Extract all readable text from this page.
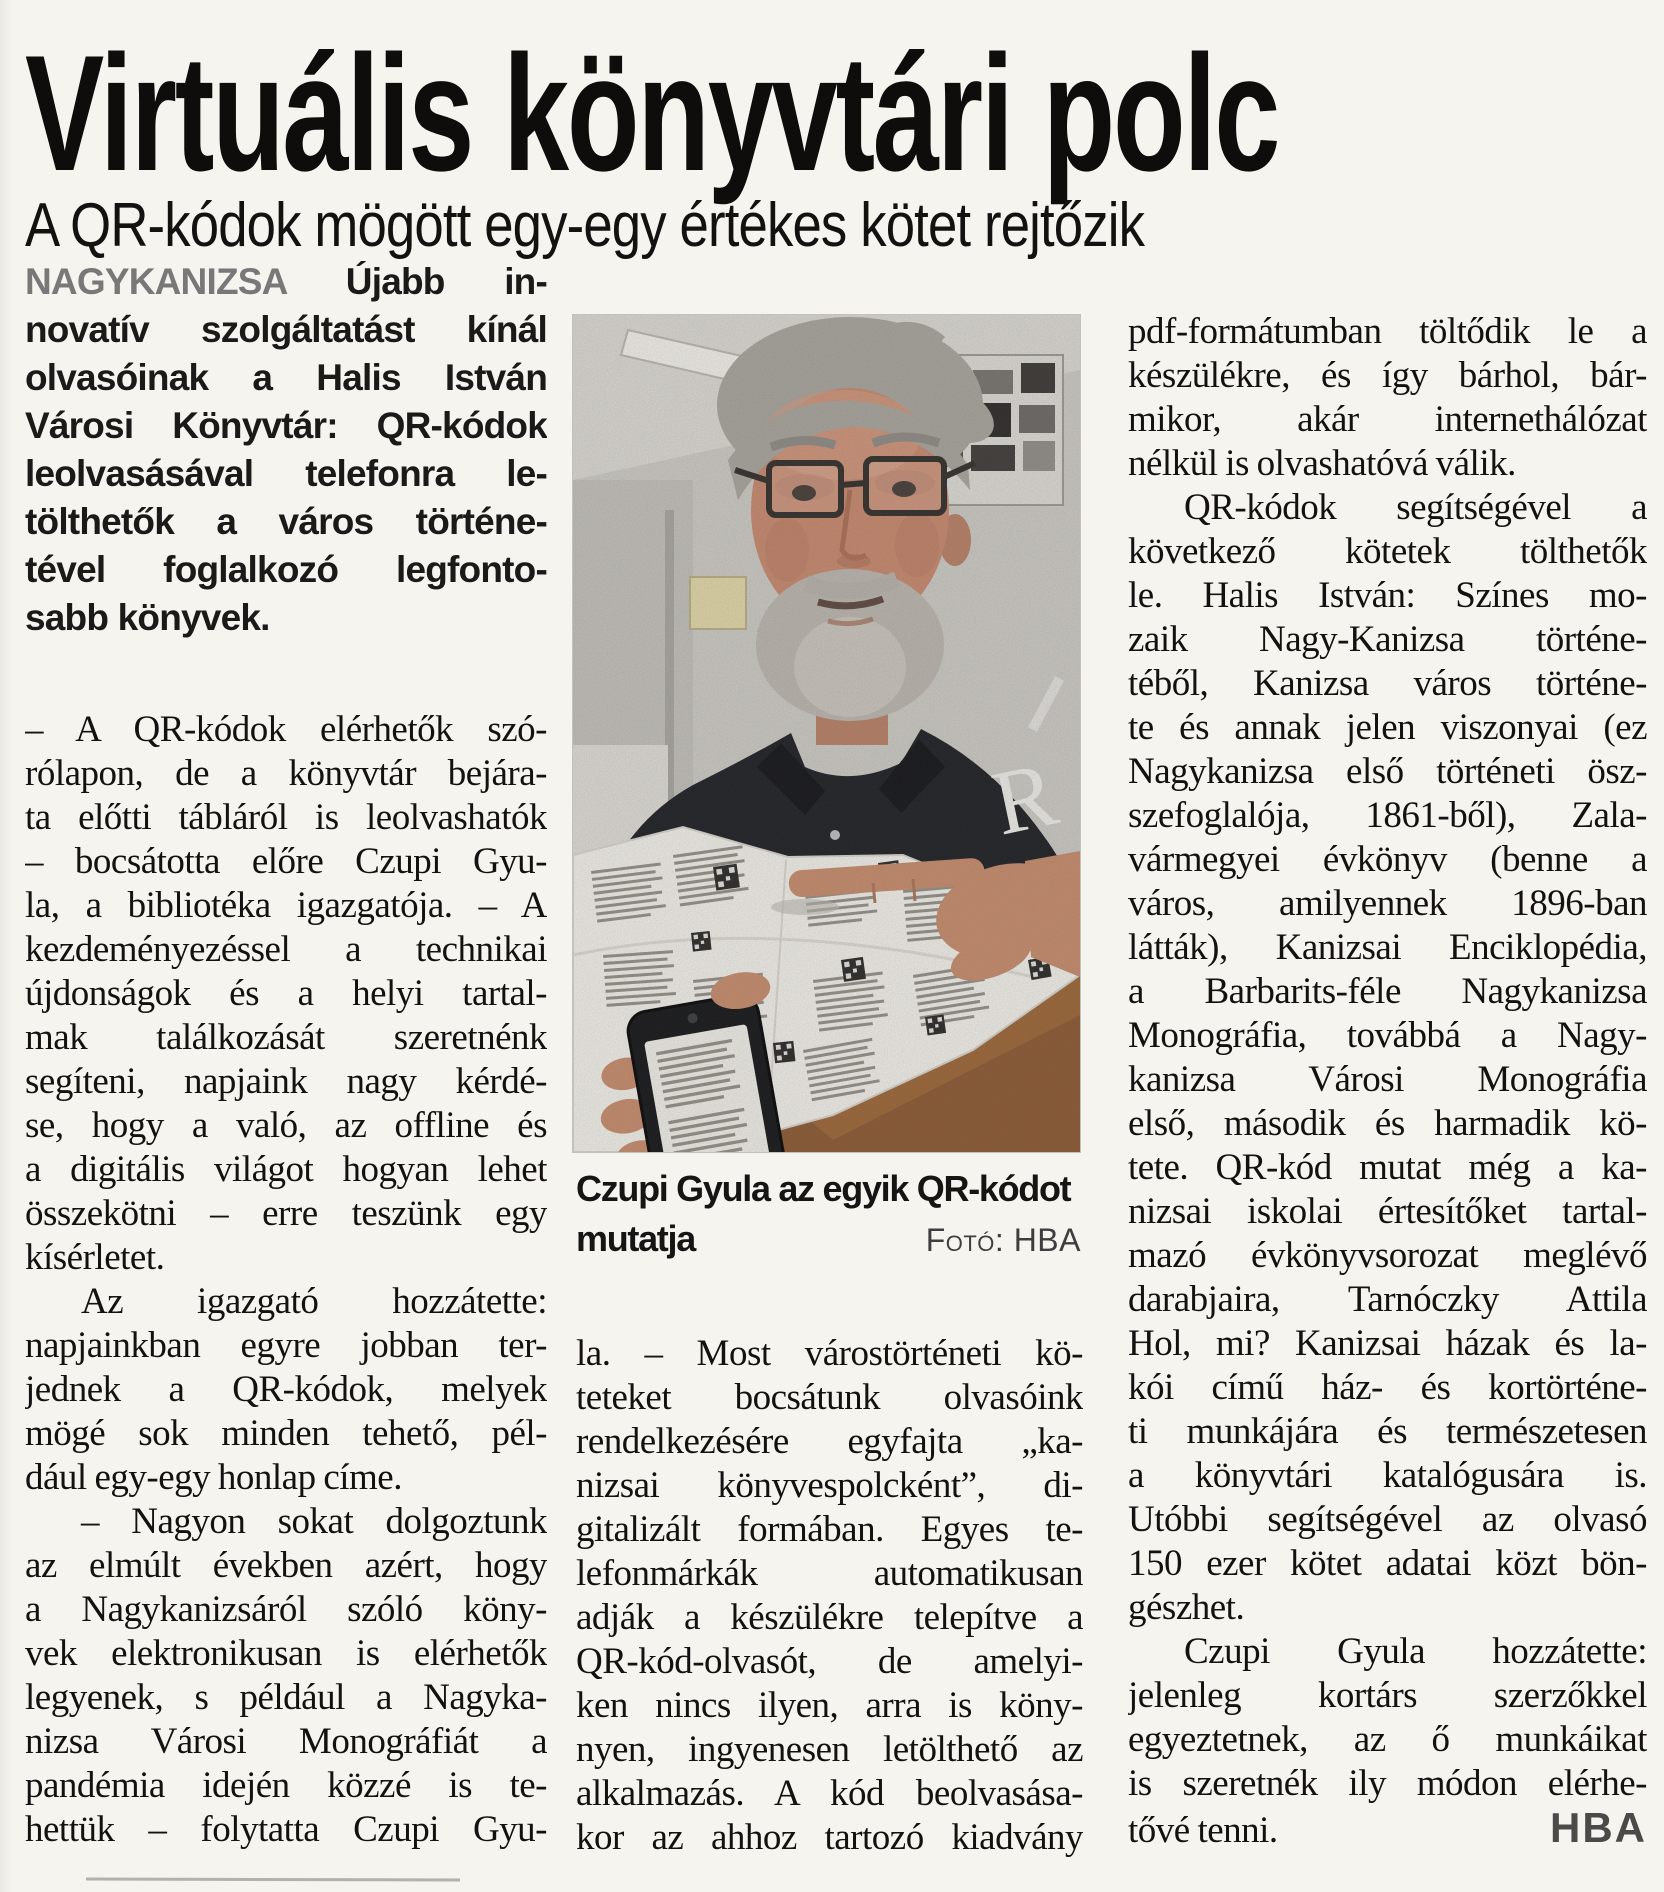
Virtuális könyvtári polc
A QR-kódok mögött egy-egy értékes kötet rejtőzik
NAGYKANIZSA Újabb in-
novatív szolgáltatást kínál
olvasóinak a Halis István
Városi Könyvtár: QR-kódok
leolvasásával telefonra le-
tölthetők a város történe-
tével foglalkozó legfonto-
sabb könyvek.
– A QR-kódok elérhetők szó-
rólapon, de a könyvtár bejára-
ta előtti tábláról is leolvashatók
– bocsátotta előre Czupi Gyu-
la, a bibliotéka igazgatója. – A
kezdeményezéssel a technikai
újdonságok és a helyi tartal-
mak találkozását szeretnénk
segíteni, napjaink nagy kérdé-
se, hogy a való, az offline és
a digitális világot hogyan lehet
összekötni – erre teszünk egy
kísérletet.
Az igazgató hozzátette:
napjainkban egyre jobban ter-
jednek a QR-kódok, melyek
mögé sok minden tehető, pél-
dául egy-egy honlap címe.
– Nagyon sokat dolgoztunk
az elmúlt években azért, hogy
a Nagykanizsáról szóló köny-
vek elektronikusan is elérhetők
legyenek, s például a Nagyka-
nizsa Városi Monográfiát a
pandémia idején közzé is te-
hettük – folytatta Czupi Gyu-
Czupi Gyula az egyik QR-kódot
mutatja	Fotó: HBA
la. – Most várostörténeti kö-
teteket bocsátunk olvasóink
rendelkezésére egyfajta „ka-
nizsai könyvespolcként”, di-
gitalizált formában. Egyes te-
lefonmárkák automatikusan
adják a készülékre telepítve a
QR-kód-olvasót, de amelyi-
ken nincs ilyen, arra is köny-
nyen, ingyenesen letölthető az
alkalmazás. A kód beolvasása-
kor az ahhoz tartozó kiadvány
pdf-formátumban töltődik le a
készülékre, és így bárhol, bár-
mikor, akár internethálózat
nélkül is olvashatóvá válik.
QR-kódok segítségével a
következő kötetek tölthetők
le. Halis István: Színes mo-
zaik Nagy-Kanizsa történe-
téből, Kanizsa város történe-
te és annak jelen viszonyai (ez
Nagykanizsa első történeti ösz-
szefoglalója, 1861-ből), Zala-
vármegyei évkönyv (benne a
város, amilyennek 1896-ban
látták), Kanizsai Enciklopédia,
a Barbarits-féle Nagykanizsa
Monográfia, továbbá a Nagy-
kanizsa Városi Monográfia
első, második és harmadik kö-
tete. QR-kód mutat még a ka-
nizsai iskolai értesítőket tartal-
mazó évkönyvsorozat meglévő
darabjaira, Tarnóczky Attila
Hol, mi? Kanizsai házak és la-
kói című ház- és kortörténe-
ti munkájára és természetesen
a könyvtári katalógusára is.
Utóbbi segítségével az olvasó
150 ezer kötet adatai közt bön-
gészhet.
Czupi Gyula hozzátette:
jelenleg kortárs szerzőkkel
egyeztetnek, az ő munkáikat
is szeretnék ily módon elérhe-
tővé tenni.	HBA
